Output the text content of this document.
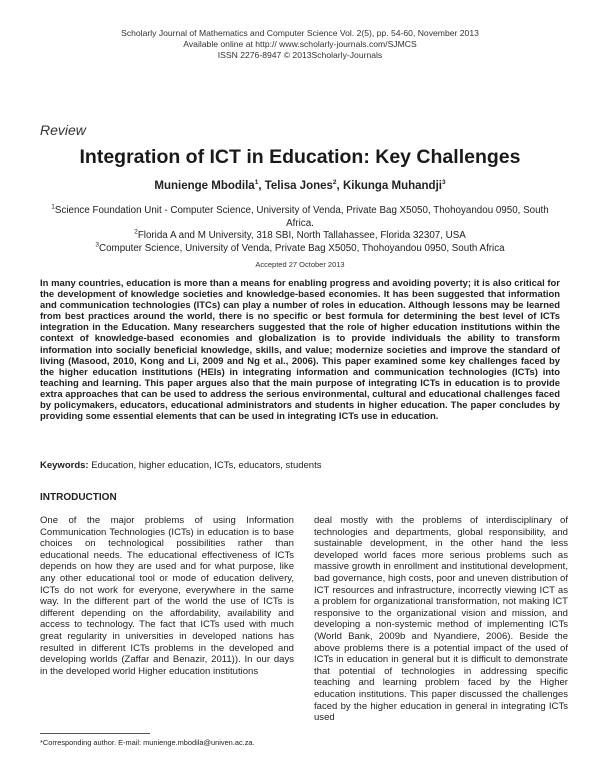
Scholarly Journal of Mathematics and Computer Science Vol. 2(5), pp. 54-60, November 2013
Available online at http:// www.scholarly-journals.com/SJMCS
ISSN 2276-8947 © 2013Scholarly-Journals
Review
Integration of ICT in Education: Key Challenges
Munienge Mbodila$^1$ , Telisa Jones$^2$ , Kikunga Muhandji$^3$
$^1$Science Foundation Unit - Computer Science, University of Venda, Private Bag X5050, Thohoyandou 0950, South Africa.
$^2$Florida A and M University, 318 SBI, North Tallahassee, Florida 32307, USA
$^3$Computer Science, University of Venda, Private Bag X5050, Thohoyandou 0950, South Africa
Accepted 27 October 2013

In many countries, education is more than a means for enabling progress and avoiding poverty; it is also critical for the development of knowledge societies and knowledge-based economies. It has been suggested that information and communication technologies (ITCs) can play a number of roles in education. Although lessons may be learned from best practices around the world, there is no specific or best formula for determining the best level of ICTs integration in the Education. Many researchers suggested that the role of higher education institutions within the context of knowledge-based economies and globalization is to provide individuals the ability to transform information into socially beneficial knowledge, skills, and value; modernize societies and improve the standard of living (Masood, 2010, Kong and Li, 2009 and Ng et al., 2006). This paper examined some key challenges faced by the higher education institutions (HEIs) in integrating information and communication technologies (ICTs) into teaching and learning. This paper argues also that the main purpose of integrating ICTs in education is to provide extra approaches that can be used to address the serious environmental, cultural and educational challenges faced by policymakers, educators, educational administrators and students in higher education. The paper concludes by providing some essential elements that can be used in integrating ICTs use in education.

Keywords: Education, higher education, ICTs, educators, students
INTRODUCTION

One of the major problems of using Information Communication Technologies (ICTs) in education is to base choices on technological possibilities rather than educational needs. The educational effectiveness of ICTs depends on how they are used and for what purpose, like any other educational tool or mode of education delivery, ICTs do not work for everyone, everywhere in the same way. In the different part of the world the use of ICTs is different depending on the affordability, availability and access to technology. The fact that ICTs used with much great regularity in universities in developed nations has resulted in different ICTs problems in the developed and developing worlds (Zaffar and Benazir, 2011)). In our days in the developed world Higher education institutions

deal mostly with the problems of interdisciplinary of technologies and departments, global responsibility, and sustainable development, in the other hand the less developed world faces more serious problems such as massive growth in enrollment and institutional development, bad governance, high costs, poor and uneven distribution of ICT resources and infrastructure, incorrectly viewing ICT as a problem for organizational transformation, not making ICT responsive to the organizational vision and mission, and developing a non-systemic method of implementing ICTs (World Bank, 2009b and Nyandiere, 2006). Beside the above problems there is a potential impact of the used of ICTs in education in general but it is difficult to demonstrate that potential of technologies in addressing specific teaching and learning problem faced by the Higher education institutions. This paper discussed the challenges faced by the higher education in general in integrating ICTs used

*Corresponding author. E-mail: munienge.mbodila@univen.ac.za.
